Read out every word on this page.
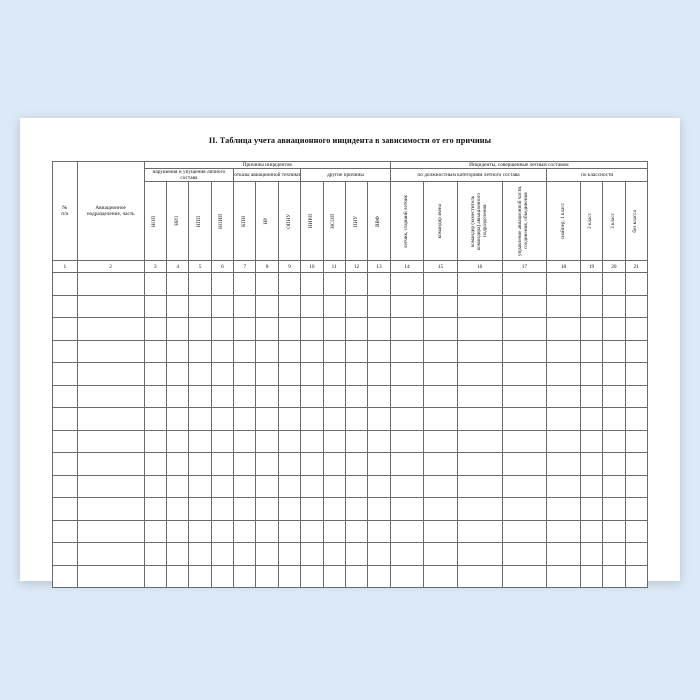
II. Таблица учета авиационного инцидента в зависимости от его причины
№
п/п	Авиационное подразделение, часть	Причины инцидентов											Инциденты, совершенные летным составом							
		нарушения и упущения личного состава				отказы авиационной техники			другие причины				по должностным категориям летного состава				по классности			

		НОП	НРЛ	НПП	НОИП	КПН	НР	ОПНУ	НИРП	НСОП	ПНУ	ВВФ	летчик, старший летчик	командир звена	командир (заместитель командира) авиационного подразделения	управление авиационной части, соединения, объединения	снайпер, 1 класс	2 класс	3 класс	без класса

1	2	3	4	5	6	7	8	9	10	11	12	13	14	15	16	17	18	19	20	21
